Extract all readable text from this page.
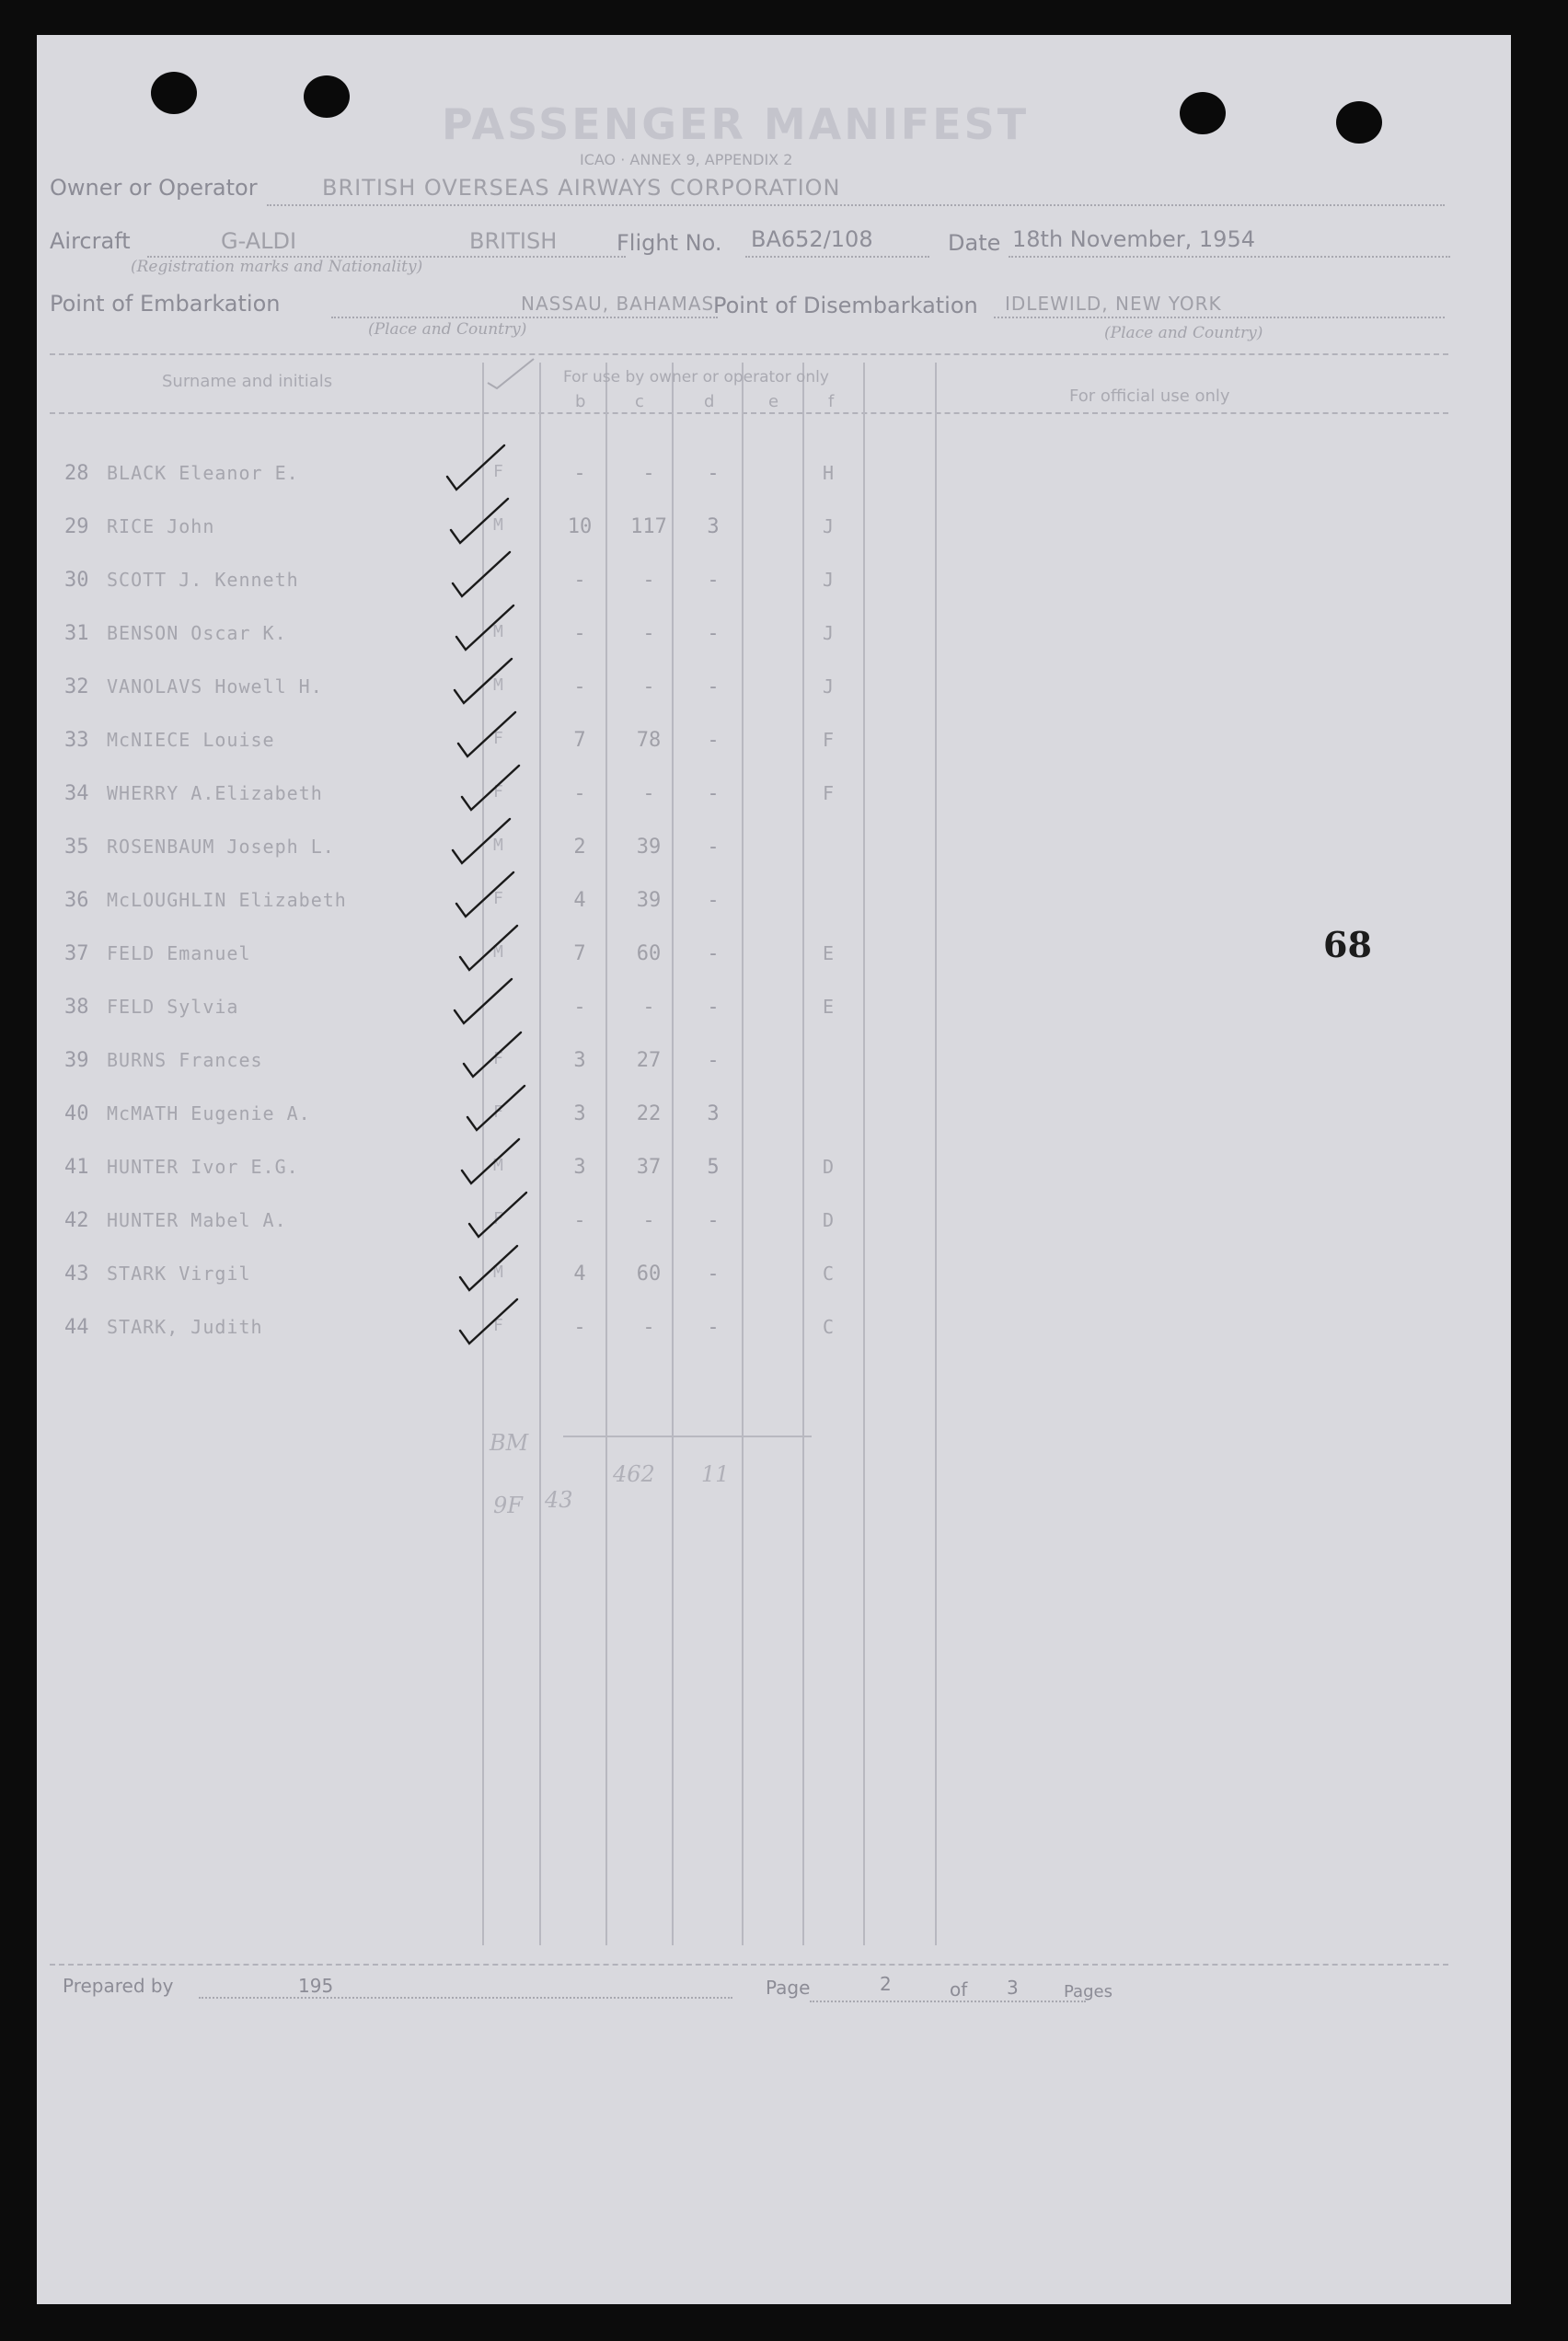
PASSENGER MANIFEST
ICAO · ANNEX 9, APPENDIX 2
Owner or Operator	BRITISH OVERSEAS AIRWAYS CORPORATION
Aircraft	G-ALDI	BRITISH
(Registration marks and Nationality)
Flight No. BA652/108	Date 18th November, 1954
Point of Embarkation	NASSAU, BAHAMAS
(Place and Country)
Point of Disembarkation IDLEWILD, NEW YORK
(Place and Country)
Surname and initials	For use by owner or operator only
b	c	d	e	f	For official use only
28 BLACK Eleanor E.	F	-	-	-	H
29 RICE John	M	10	117	3	J
30 SCOTT J. Kenneth	-	-	-	J
31 BENSON Oscar K.	M	-	-	-	J
32 VANOLAVS Howell H.	M	-	-	-	J
33 McNIECE Louise	F	7	78	-	F
34 WHERRY A.Elizabeth	F	-	-	-	F
35 ROSENBAUM Joseph L.	M	2	39	-
36 McLOUGHLIN Elizabeth	F	4	39	-
37 FELD Emanuel	M	7	60	-	E
38 FELD Sylvia	-	-	-	E
39 BURNS Frances	F	3	27	-
40 McMATH Eugenie A.	F	3	22	3
41 HUNTER Ivor E.G.	M	3	37	5	D
42 HUNTER Mabel A.	F	-	-	-	D
43 STARK Virgil	M	4	60	-	C
44 STARK, Judith	F	-	-	-	C
BM
462 11
9F 43
68
Prepared by	195	Page	2	of 3	Pages
